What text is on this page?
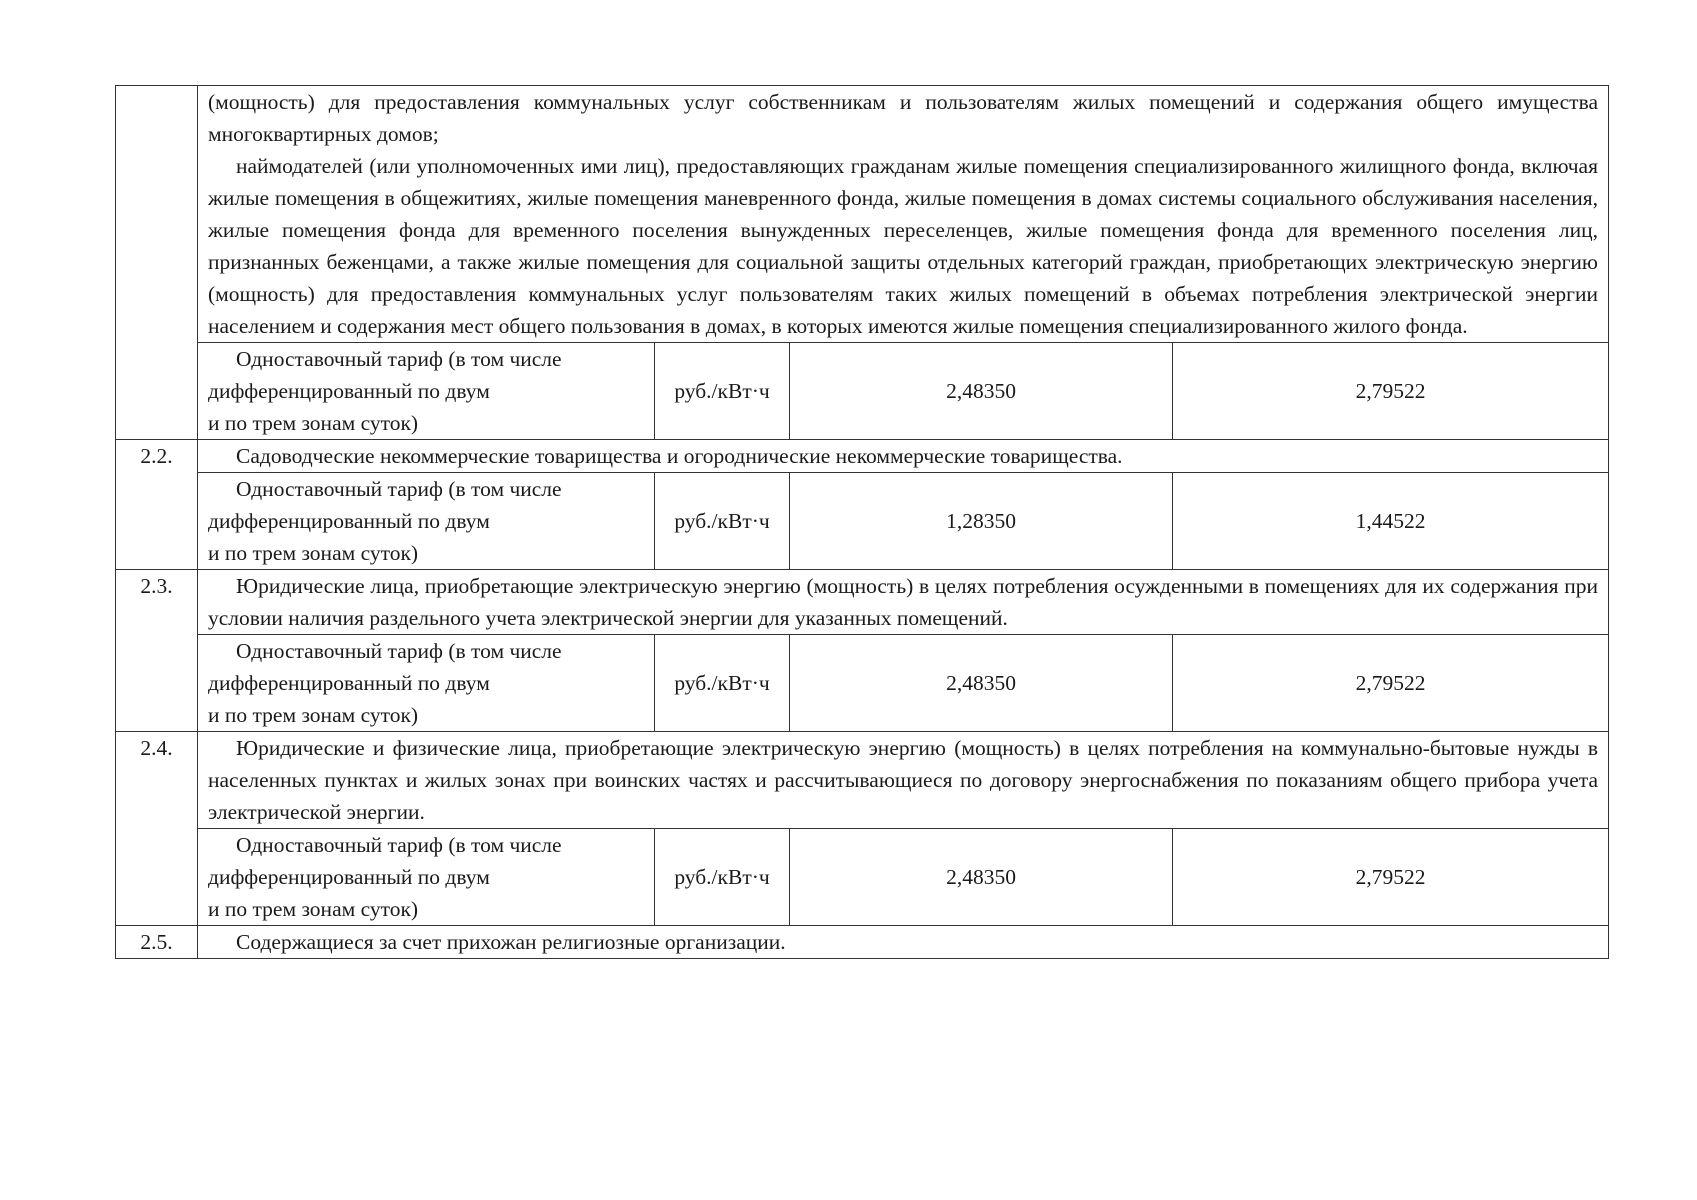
	(мощность) для предоставления коммунальных услуг собственникам и пользователям жилых помещений и содержания общего имущества многоквартирных домов;

наймодателей (или уполномоченных ими лиц), предоставляющих гражданам жилые помещения специализированного жилищного фонда, включая жилые помещения в общежитиях, жилые помещения маневренного фонда, жилые помещения в домах системы социального обслуживания населения, жилые помещения фонда для временного поселения вынужденных переселенцев, жилые помещения фонда для временного поселения лиц, признанных беженцами, а также жилые помещения для социальной защиты отдельных категорий граждан, приобретающих электрическую энергию (мощность) для предоставления коммунальных услуг пользователям таких жилых помещений в объемах потребления электрической энергии населением и содержания мест общего пользования в домах, в которых имеются жилые помещения специализированного жилого фонда.			

	Одноставочный тариф (в том числе
дифференцированный по двум
и по трем зонам суток)	руб./кВт·ч	2,48350	2,79522
2.2.	Садоводческие некоммерческие товарищества и огороднические некоммерческие товарищества.			

	Одноставочный тариф (в том числе
дифференцированный по двум
и по трем зонам суток)	руб./кВт·ч	1,28350	1,44522
2.3.	Юридические лица, приобретающие электрическую энергию (мощность) в целях потребления осужденными в помещениях для их содержания при условии наличия раздельного учета электрической энергии для указанных помещений.			

	Одноставочный тариф (в том числе
дифференцированный по двум
и по трем зонам суток)	руб./кВт·ч	2,48350	2,79522
2.4.	Юридические и физические лица, приобретающие электрическую энергию (мощность) в целях потребления на коммунально-бытовые нужды в населенных пунктах и жилых зонах при воинских частях и рассчитывающиеся по договору энергоснабжения по показаниям общего прибора учета электрической энергии.			

	Одноставочный тариф (в том числе
дифференцированный по двум
и по трем зонам суток)	руб./кВт·ч	2,48350	2,79522
2.5.	Содержащиеся за счет прихожан религиозные организации.			
